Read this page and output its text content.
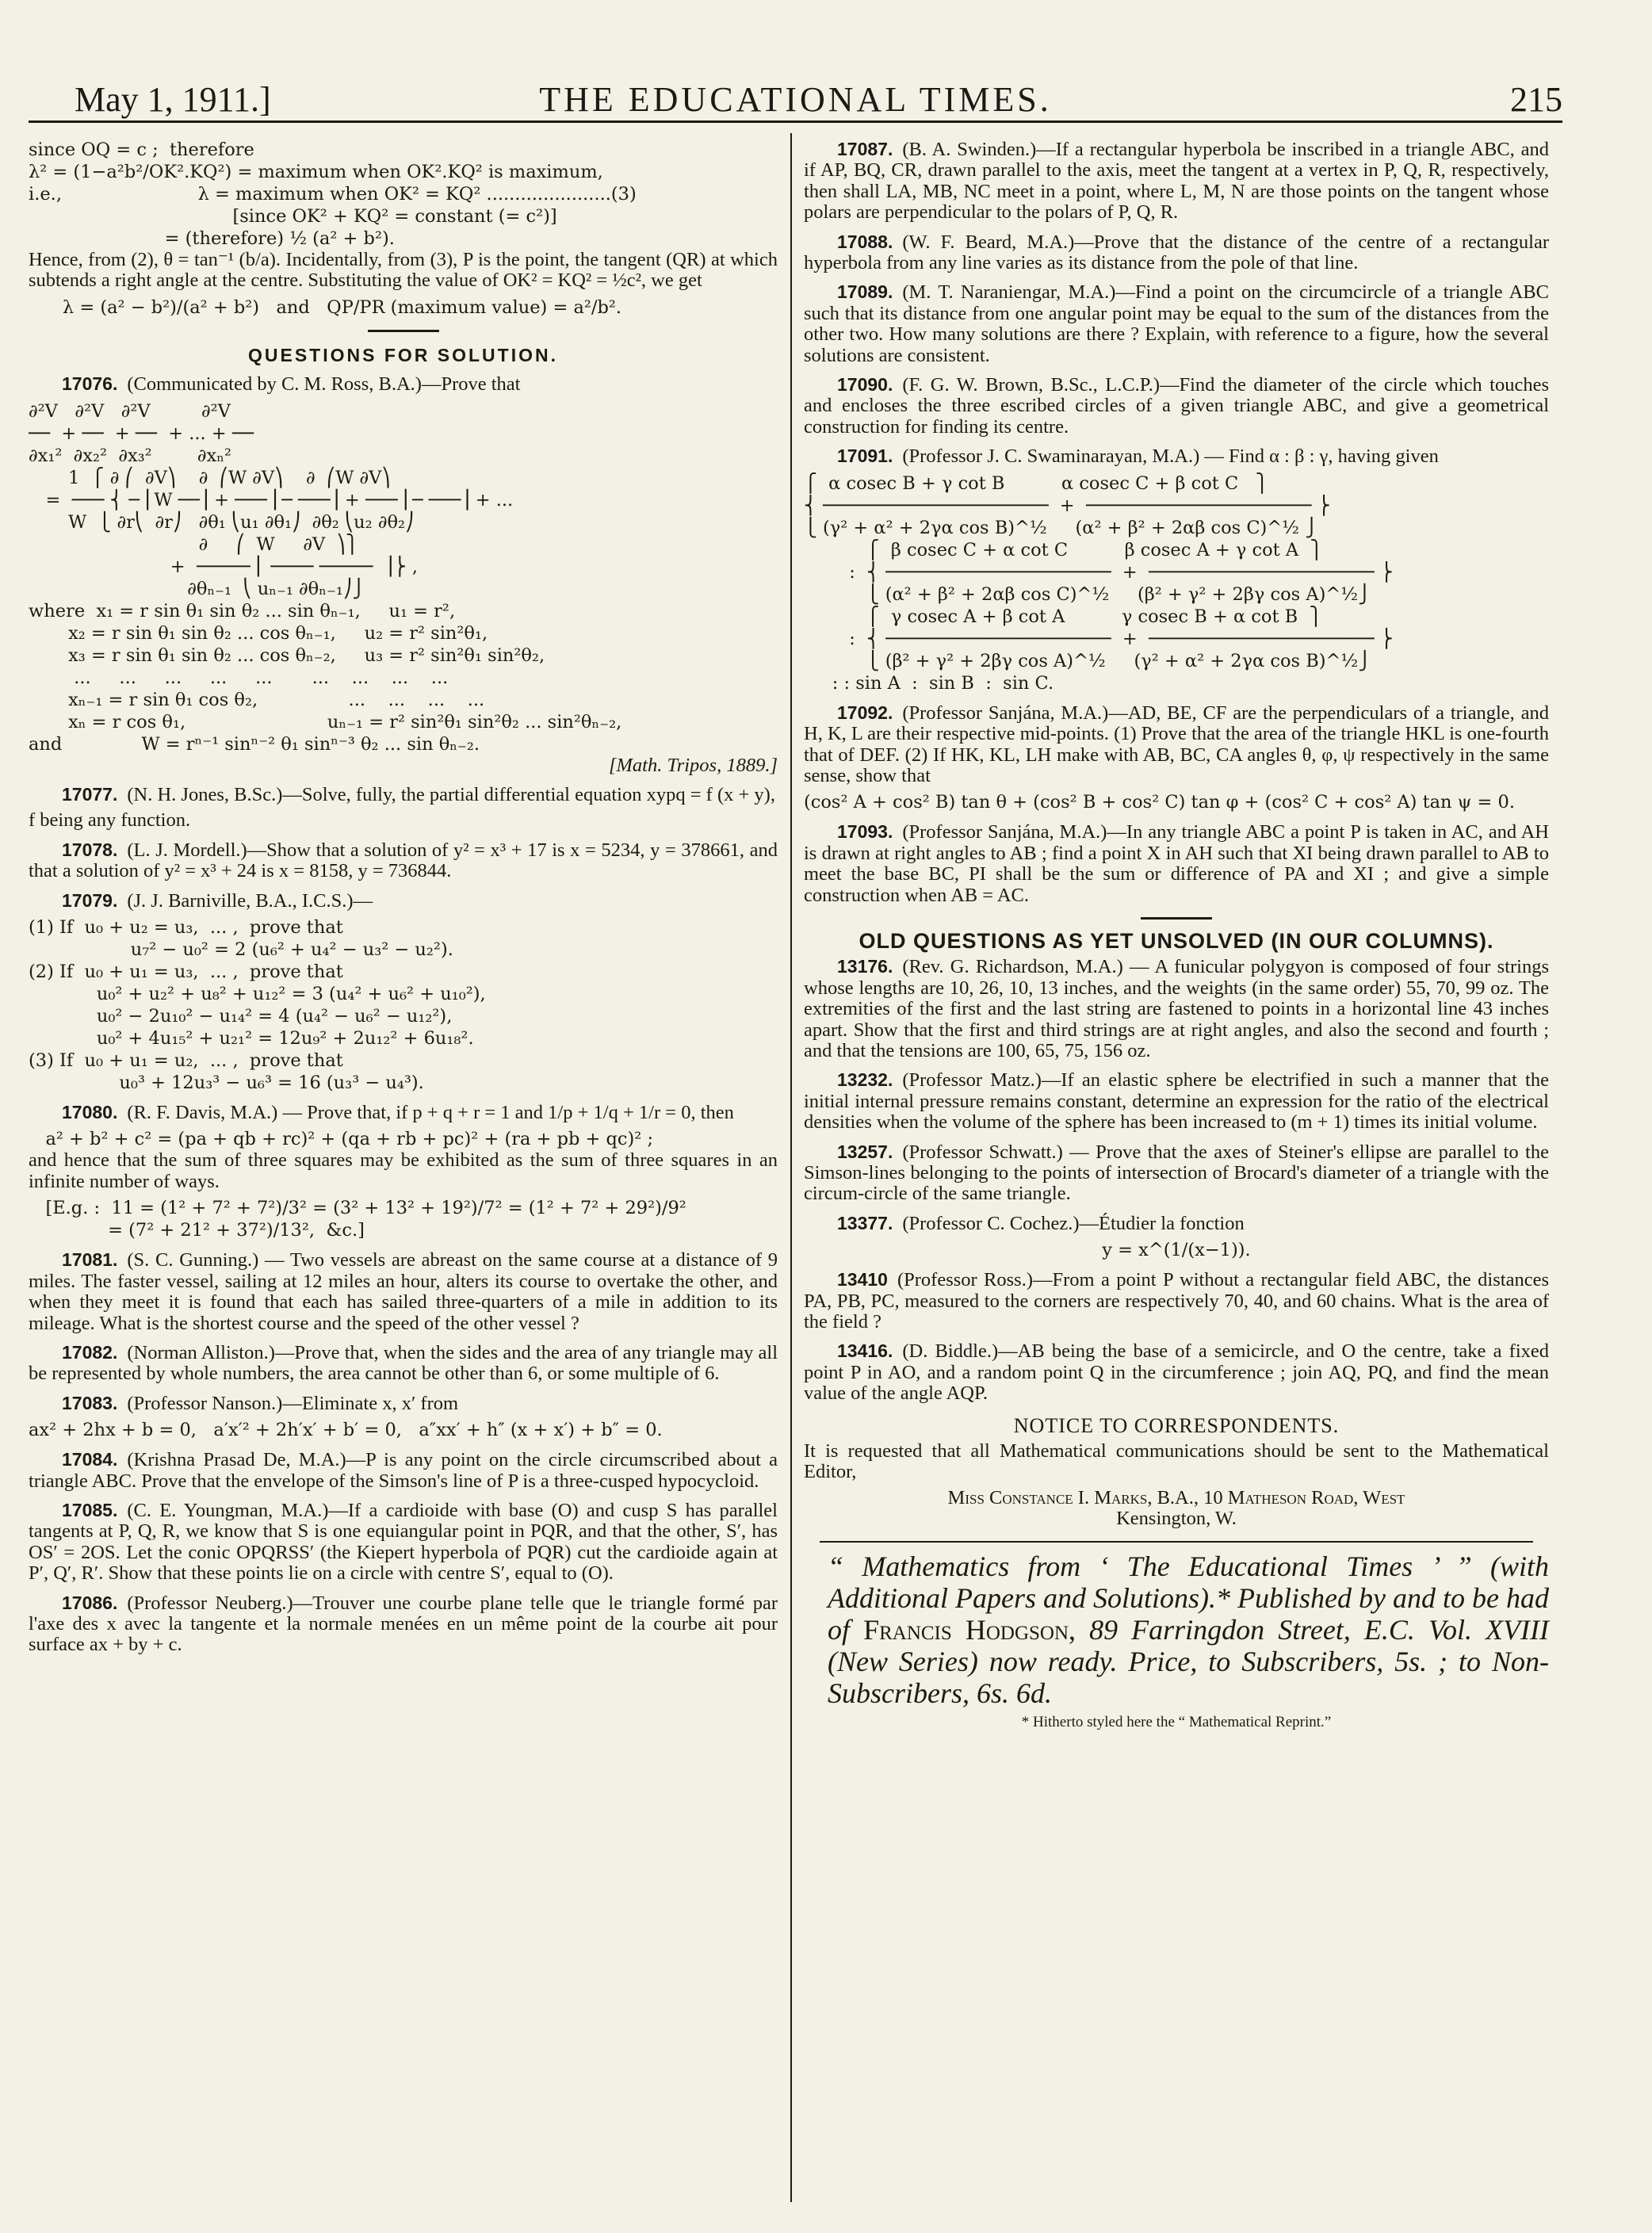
May 1, 1911.]	THE EDUCATIONAL TIMES.	215
since OQ = c ;  therefore
λ² = (1−a²b²/OK².KQ²) = maximum when OK².KQ² is maximum,
i.e.,                        λ = maximum when OK² = KQ² ......................(3)
[since OK² + KQ² = constant (= c²)]
= (therefore) ½ (a² + b²).

Hence, from (2), θ = tan⁻¹ (b/a). Incidentally, from (3), P is the point, the tangent (QR) at which subtends a right angle at the centre. Substituting the value of OK² = KQ² = ½c², we get

λ = (a² − b²)/(a² + b²)   and   QP/PR (maximum value) = a²/b².
QUESTIONS FOR SOLUTION.

17076. (Communicated by C. M. Ross, B.A.)—Prove that

∂²V   ∂²V   ∂²V         ∂²V
──  + ──  + ──  + ... + ──
∂x₁²  ∂x₂²  ∂x₃²        ∂xₙ²
1  ⎧ ∂ ⎛  ∂V⎞    ∂  ⎛W ∂V⎞    ∂  ⎛W ∂V⎞
=  ─── ⎨ ─ ⎜W ──⎟ + ─── ⎜─ ───⎟ + ─── ⎜─ ───⎟ + ...
W  ⎩ ∂r⎝  ∂r⎠   ∂θ₁ ⎝u₁ ∂θ₁⎠  ∂θ₂ ⎝u₂ ∂θ₂⎠
∂     ⎛  W     ∂V  ⎞⎫
+  ───── ⎜ ──── ─────  ⎟⎬ ,
∂θₙ₋₁  ⎝ uₙ₋₁ ∂θₙ₋₁⎠⎭
where  x₁ = r sin θ₁ sin θ₂ ... sin θₙ₋₁,     u₁ = r²,
x₂ = r sin θ₁ sin θ₂ ... cos θₙ₋₁,     u₂ = r² sin²θ₁,
x₃ = r sin θ₁ sin θ₂ ... cos θₙ₋₂,     u₃ = r² sin²θ₁ sin²θ₂,
...     ...     ...     ...     ...       ...    ...    ...    ...
xₙ₋₁ = r sin θ₁ cos θ₂,                ...    ...    ...    ...
xₙ = r cos θ₁,                         uₙ₋₁ = r² sin²θ₁ sin²θ₂ ... sin²θₙ₋₂,
and              W = rⁿ⁻¹ sinⁿ⁻² θ₁ sinⁿ⁻³ θ₂ ... sin θₙ₋₂.
[Math. Tripos, 1889.]

17077. (N. H. Jones, B.Sc.)—Solve, fully, the partial differential equation xypq = f (x + y),

f being any function.

17078. (L. J. Mordell.)—Show that a solution of y² = x³ + 17 is x = 5234, y = 378661, and that a solution of y² = x³ + 24 is x = 8158, y = 736844.

17079. (J. J. Barniville, B.A., I.C.S.)—

(1) If  u₀ + u₂ = u₃,  ... ,  prove that
u₇² − u₀² = 2 (u₆² + u₄² − u₃² − u₂²).
(2) If  u₀ + u₁ = u₃,  ... ,  prove that
u₀² + u₂² + u₈² + u₁₂² = 3 (u₄² + u₆² + u₁₀²),
u₀² − 2u₁₀² − u₁₄² = 4 (u₄² − u₆² − u₁₂²),
u₀² + 4u₁₅² + u₂₁² = 12u₉² + 2u₁₂² + 6u₁₈².
(3) If  u₀ + u₁ = u₂,  ... ,  prove that
u₀³ + 12u₃³ − u₆³ = 16 (u₃³ − u₄³).

17080. (R. F. Davis, M.A.) — Prove that, if p + q + r = 1 and 1/p + 1/q + 1/r = 0, then

a² + b² + c² = (pa + qb + rc)² + (qa + rb + pc)² + (ra + pb + qc)² ;

and hence that the sum of three squares may be exhibited as the sum of three squares in an infinite number of ways.

[E.g. :  11 = (1² + 7² + 7²)/3² = (3² + 13² + 19²)/7² = (1² + 7² + 29²)/9²
= (7² + 21² + 37²)/13²,  &c.]

17081. (S. C. Gunning.) — Two vessels are abreast on the same course at a distance of 9 miles. The faster vessel, sailing at 12 miles an hour, alters its course to overtake the other, and when they meet it is found that each has sailed three-quarters of a mile in addition to its mileage. What is the shortest course and the speed of the other vessel ?

17082. (Norman Alliston.)—Prove that, when the sides and the area of any triangle may all be represented by whole numbers, the area cannot be other than 6, or some multiple of 6.

17083. (Professor Nanson.)—Eliminate x, x′ from

ax² + 2hx + b = 0,   a′x′² + 2h′x′ + b′ = 0,   a″xx′ + h″ (x + x′) + b″ = 0.

17084. (Krishna Prasad De, M.A.)—P is any point on the circle circumscribed about a triangle ABC. Prove that the envelope of the Simson's line of P is a three-cusped hypocycloid.

17085. (C. E. Youngman, M.A.)—If a cardioide with base (O) and cusp S has parallel tangents at P, Q, R, we know that S is one equiangular point in PQR, and that the other, S′, has OS′ = 2OS. Let the conic OPQRSS′ (the Kiepert hyperbola of PQR) cut the cardioide again at P′, Q′, R′. Show that these points lie on a circle with centre S′, equal to (O).

17086. (Professor Neuberg.)—Trouver une courbe plane telle que le triangle formé par l'axe des x avec la tangente et la normale menées en un même point de la courbe ait pour surface ax + by + c.

17087. (B. A. Swinden.)—If a rectangular hyperbola be inscribed in a triangle ABC, and if AP, BQ, CR, drawn parallel to the axis, meet the tangent at a vertex in P, Q, R, respectively, then shall LA, MB, NC meet in a point, where L, M, N are those points on the tangent whose polars are perpendicular to the polars of P, Q, R.

17088. (W. F. Beard, M.A.)—Prove that the distance of the centre of a rectangular hyperbola from any line varies as its distance from the pole of that line.

17089. (M. T. Naraniengar, M.A.)—Find a point on the circumcircle of a triangle ABC such that its distance from one angular point may be equal to the sum of the distances from the other two. How many solutions are there ? Explain, with reference to a figure, how the several solutions are consistent.

17090. (F. G. W. Brown, B.Sc., L.C.P.)—Find the diameter of the circle which touches and encloses the three escribed circles of a given triangle ABC, and give a geometrical construction for finding its centre.

17091. (Professor J. C. Swaminarayan, M.A.) — Find α : β : γ, having given

⎧  α cosec B + γ cot B          α cosec C + β cot C   ⎫
⎨ ─────────────────────  +  ───────────────────── ⎬
⎩ (γ² + α² + 2γα cos B)^½     (α² + β² + 2αβ cos C)^½ ⎭
⎧  β cosec C + α cot C          β cosec A + γ cot A  ⎫
:  ⎨ ─────────────────────  +  ───────────────────── ⎬
⎩ (α² + β² + 2αβ cos C)^½     (β² + γ² + 2βγ cos A)^½⎭
⎧  γ cosec A + β cot A          γ cosec B + α cot B  ⎫
:  ⎨ ─────────────────────  +  ───────────────────── ⎬
⎩ (β² + γ² + 2βγ cos A)^½     (γ² + α² + 2γα cos B)^½⎭
: : sin A  :  sin B  :  sin C.

17092. (Professor Sanjána, M.A.)—AD, BE, CF are the perpendiculars of a triangle, and H, K, L are their respective mid-points. (1) Prove that the area of the triangle HKL is one-fourth that of DEF. (2) If HK, KL, LH make with AB, BC, CA angles θ, φ, ψ respectively in the same sense, show that

(cos² A + cos² B) tan θ + (cos² B + cos² C) tan φ + (cos² C + cos² A) tan ψ = 0.

17093. (Professor Sanjána, M.A.)—In any triangle ABC a point P is taken in AC, and AH is drawn at right angles to AB ; find a point X in AH such that XI being drawn parallel to AB to meet the base BC, PI shall be the sum or difference of PA and XI ; and give a simple construction when AB = AC.

OLD QUESTIONS AS YET UNSOLVED (IN OUR COLUMNS).

13176. (Rev. G. Richardson, M.A.) — A funicular polygyon is composed of four strings whose lengths are 10, 26, 10, 13 inches, and the weights (in the same order) 55, 70, 99 oz. The extremities of the first and the last string are fastened to points in a horizontal line 43 inches apart. Show that the first and third strings are at right angles, and also the second and fourth ; and that the tensions are 100, 65, 75, 156 oz.

13232. (Professor Matz.)—If an elastic sphere be electrified in such a manner that the initial internal pressure remains constant, determine an expression for the ratio of the electrical densities when the volume of the sphere has been increased to (m + 1) times its initial volume.

13257. (Professor Schwatt.) — Prove that the axes of Steiner's ellipse are parallel to the Simson-lines belonging to the points of intersection of Brocard's diameter of a triangle with the circum-circle of the same triangle.

13377. (Professor C. Cochez.)—Étudier la fonction

y = x^(1/(x−1)).

13410 (Professor Ross.)—From a point P without a rectangular field ABC, the distances PA, PB, PC, measured to the corners are respectively 70, 40, and 60 chains. What is the area of the field ?

13416. (D. Biddle.)—AB being the base of a semicircle, and O the centre, take a fixed point P in AO, and a random point Q in the circumference ; join AQ, PQ, and find the mean value of the angle AQP.

NOTICE TO CORRESPONDENTS.

It is requested that all Mathematical communications should be sent to the Mathematical Editor,

Miss Constance I. Marks, B.A., 10 Matheson Road, West
Kensington, W.
“ Mathematics from ‘ The Educational Times ’ ” (with Additional Papers and Solutions).* Published by and to be had of Francis Hodgson, 89 Farringdon Street, E.C. Vol. XVIII (New Series) now ready. Price, to Subscribers, 5s. ; to Non-Subscribers, 6s. 6d.
* Hitherto styled here the “ Mathematical Reprint.”
